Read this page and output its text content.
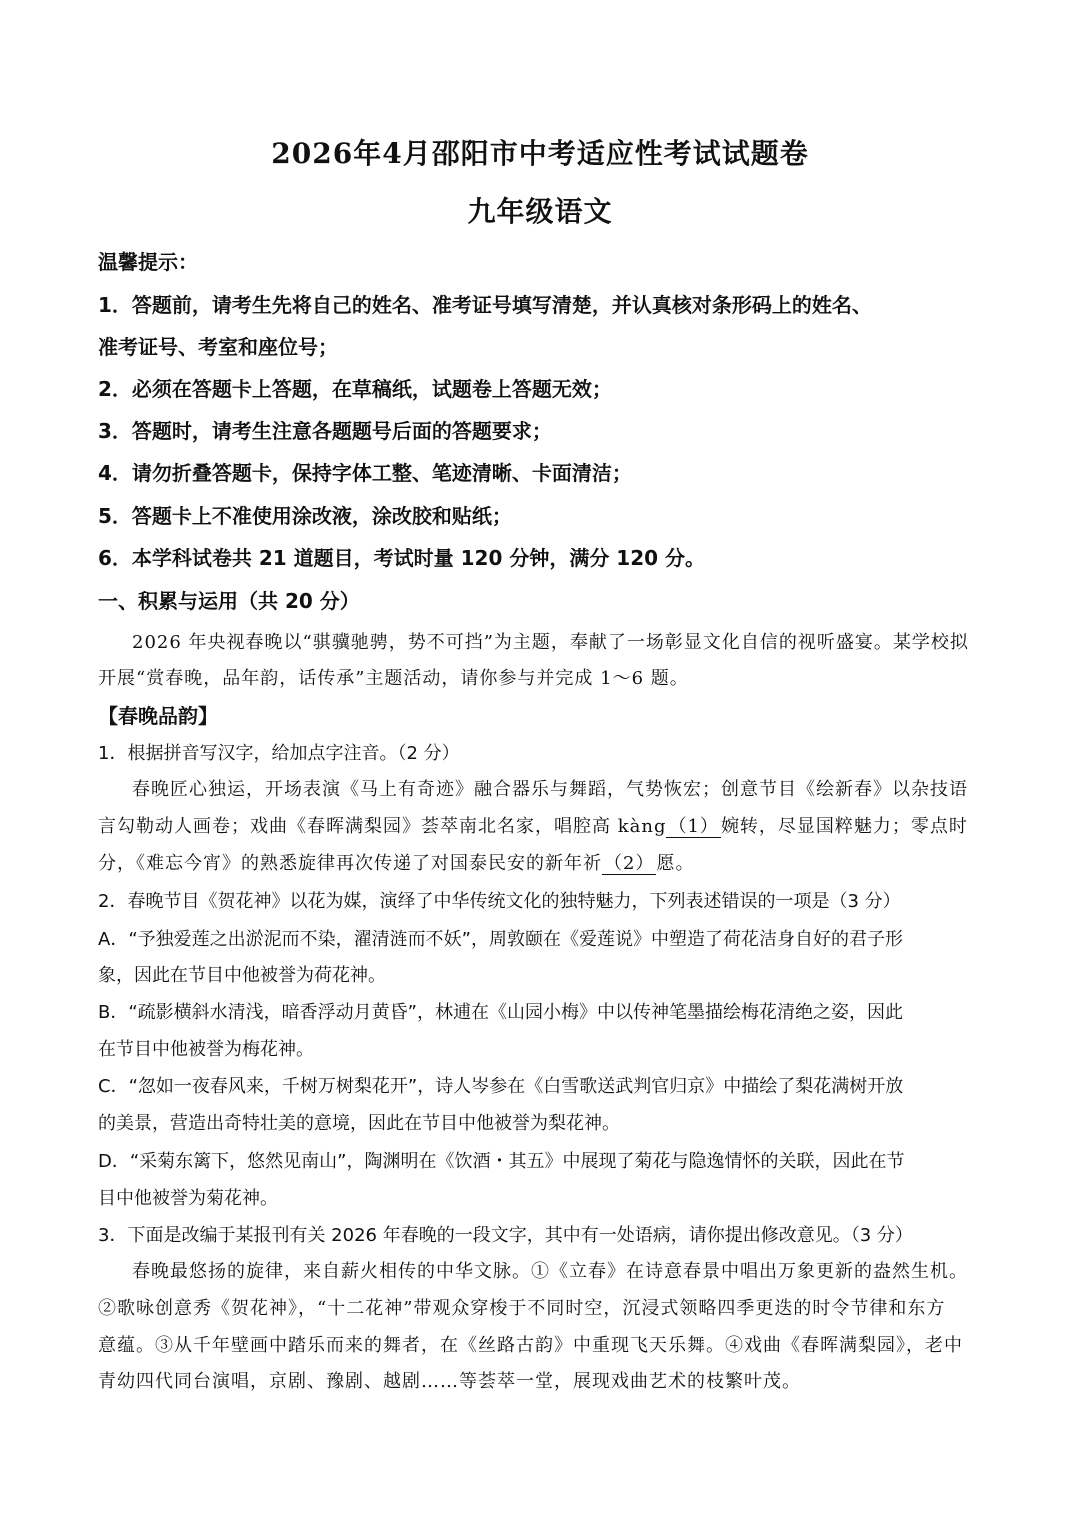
2026年4月邵阳市中考适应性考试试题卷
九年级语文
温馨提示：
1．答题前，请考生先将自己的姓名、准考证号填写清楚，并认真核对条形码上的姓名、
准考证号、考室和座位号；
2．必须在答题卡上答题，在草稿纸，试题卷上答题无效；
3．答题时，请考生注意各题题号后面的答题要求；
4．请勿折叠答题卡，保持字体工整、笔迹清晰、卡面清洁；
5．答题卡上不准使用涂改液，涂改胶和贴纸；
6．本学科试卷共 21 道题目，考试时量 120 分钟，满分 120 分。
一、积累与运用（共 20 分）
2026 年央视春晚以“骐骥驰骋，势不可挡”为主题，奉献了一场彰显文化自信的视听盛宴。某学校拟
开展“赏春晚，品年韵，话传承”主题活动，请你参与并完成 1～6 题。
【春晚品韵】
1．根据拼音写汉字，给加点字注音。（2 分）
春晚匠心独运，开场表演《马上有奇迹》融合器乐与舞蹈，气势恢宏；创意节目《绘新春》以杂技语
言勾勒动人画卷；戏曲《春晖满梨园》荟萃南北名家，唱腔高 kàng （1） 婉转，尽显国粹魅力；零点时
分，《难忘今宵》的熟悉旋律再次传递了对国泰民安的新年祈 （2） 愿。
2．春晚节目《贺花神》以花为媒，演绎了中华传统文化的独特魅力，下列表述错误的一项是（3 分）
A．“予独爱莲之出淤泥而不染，濯清涟而不妖”，周敦颐在《爱莲说》中塑造了荷花洁身自好的君子形
象，因此在节目中他被誉为荷花神。
B．“疏影横斜水清浅，暗香浮动月黄昏”，林逋在《山园小梅》中以传神笔墨描绘梅花清绝之姿，因此
在节目中他被誉为梅花神。
C．“忽如一夜春风来，千树万树梨花开”，诗人岑参在《白雪歌送武判官归京》中描绘了梨花满树开放
的美景，营造出奇特壮美的意境，因此在节目中他被誉为梨花神。
D．“采菊东篱下，悠然见南山”，陶渊明在《饮酒・其五》中展现了菊花与隐逸情怀的关联，因此在节
目中他被誉为菊花神。
3．下面是改编于某报刊有关 2026 年春晚的一段文字，其中有一处语病，请你提出修改意见。（3 分）
春晚最悠扬的旋律，来自薪火相传的中华文脉。①《立春》在诗意春景中唱出万象更新的盎然生机。
②歌咏创意秀《贺花神》，“十二花神”带观众穿梭于不同时空，沉浸式领略四季更迭的时令节律和东方
意蕴。③从千年壁画中踏乐而来的舞者，在《丝路古韵》中重现飞天乐舞。④戏曲《春晖满梨园》，老中
青幼四代同台演唱，京剧、豫剧、越剧……等荟萃一堂，展现戏曲艺术的枝繁叶茂。
